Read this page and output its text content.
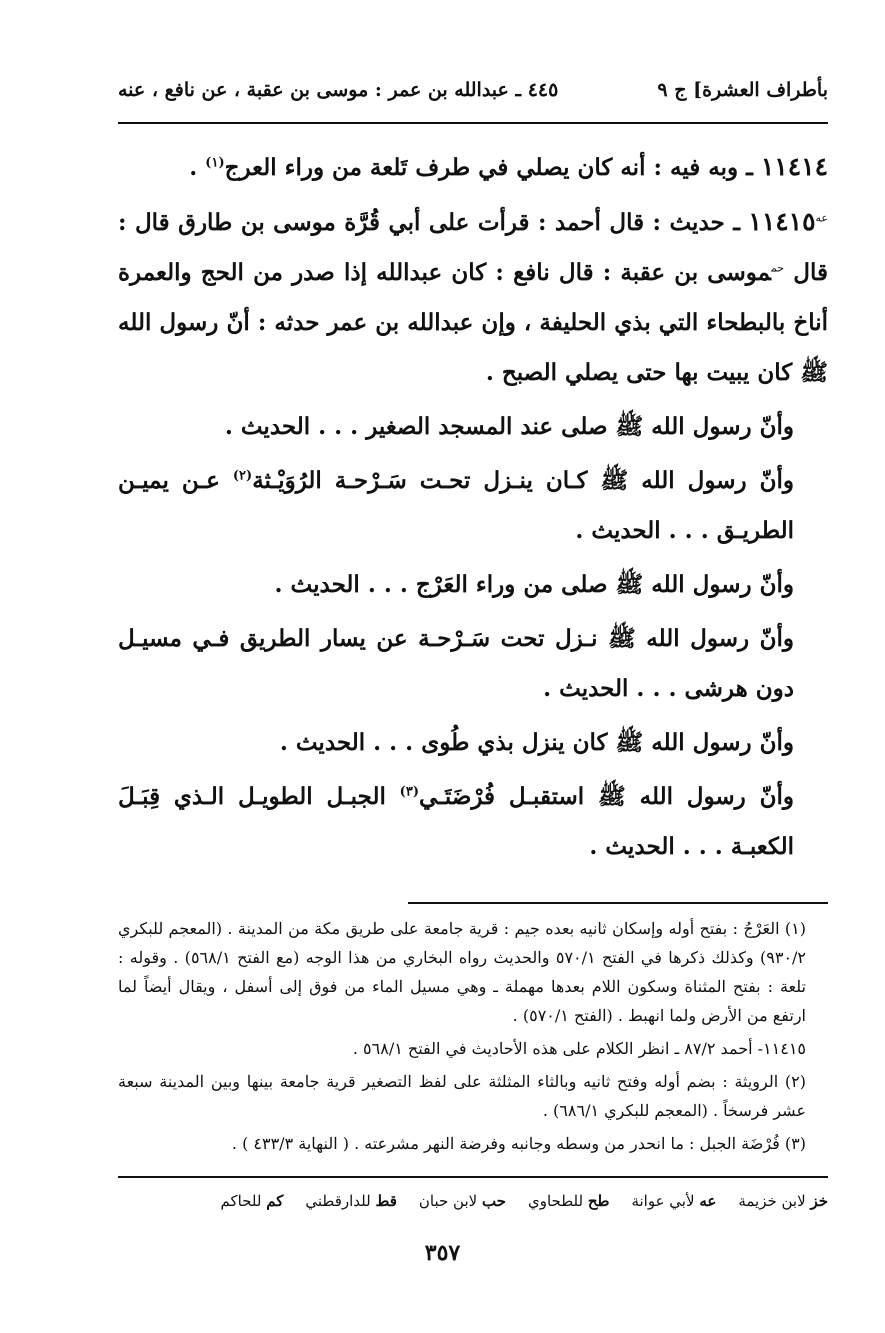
بأطراف العشرة] ج ٩
٤٤٥ ـ عبدالله بن عمر : موسى بن عقبة ، عن نافع ، عنه

١١٤١٤ ـ وبه فيه : أنه كان يصلي في طرف تَلعة من وراء العرج$^{(١)}$ .

$^{عه}$١١٤١٥ ـ حديث : قال أحمد : قرأت على أبي قُرَّة موسى بن طارق قال : قال $^{حم}$موسى بن عقبة : قال نافع : كان عبدالله إذا صدر من الحج والعمرة أناخ بالبطحاء التي بذي الحليفة ، وإن عبدالله بن عمر حدثه : أنّ رسول الله ﷺ كان يبيت بها حتى يصلي الصبح .

وأنّ رسول الله ﷺ صلى عند المسجد الصغير . . . الحديث .

وأنّ رسول الله ﷺ كـان ينـزل تحـت سَـرْحـة الرُوَيْـثة$^{(٢)}$ عـن يميـن الطريـق . . . الحديث .

وأنّ رسول الله ﷺ صلى من وراء العَرْج . . . الحديث .

وأنّ رسول الله ﷺ نـزل تحت سَـرْحـة عن يسار الطريق فـي مسيـل دون هرشى . . . الحديث .

وأنّ رسول الله ﷺ كان ينزل بذي طُوى . . . الحديث .

وأنّ رسول الله ﷺ استقبـل فُرْضَتَـي$^{(٣)}$ الجبـل الطويـل الـذي قِبَـلَ الكعبـة . . . الحديث .

(١) العَرْجُ : بفتح أوله وإسكان ثانيه بعده جيم : قرية جامعة على طريق مكة من المدينة . (المعجم للبكري ٩٣٠/٢) وكذلك ذكرها في الفتح ٥٧٠/١ والحديث رواه البخاري من هذا الوجه (مع الفتح ٥٦٨/١) . وقوله : تلعة : بفتح المثناة وسكون اللام بعدها مهملة ـ وهي مسيل الماء من فوق إلى أسفل ، ويقال أيضاً لما ارتفع من الأرض ولما انهبط . (الفتح ٥٧٠/١) .

١١٤١٥- أحمد ٨٧/٢ ـ انظر الكلام على هذه الأحاديث في الفتح ٥٦٨/١ .

(٢) الرويثة : بضم أوله وفتح ثانيه وبالثاء المثلثة على لفظ التصغير قرية جامعة بينها وبين المدينة سبعة عشر فرسخاً . (المعجم للبكري ٦٨٦/١) .

(٣) فُرْضَة الجبل : ما انحدر من وسطه وجانبه وفرضة النهر مشرعته . ( النهاية ٤٣٣/٣ ) .

خز لابن خزيمة
عه لأبي عوانة
طح للطحاوي
حب لابن حبان
قط للدارقطني
كم للحاكم
٣٥٧
